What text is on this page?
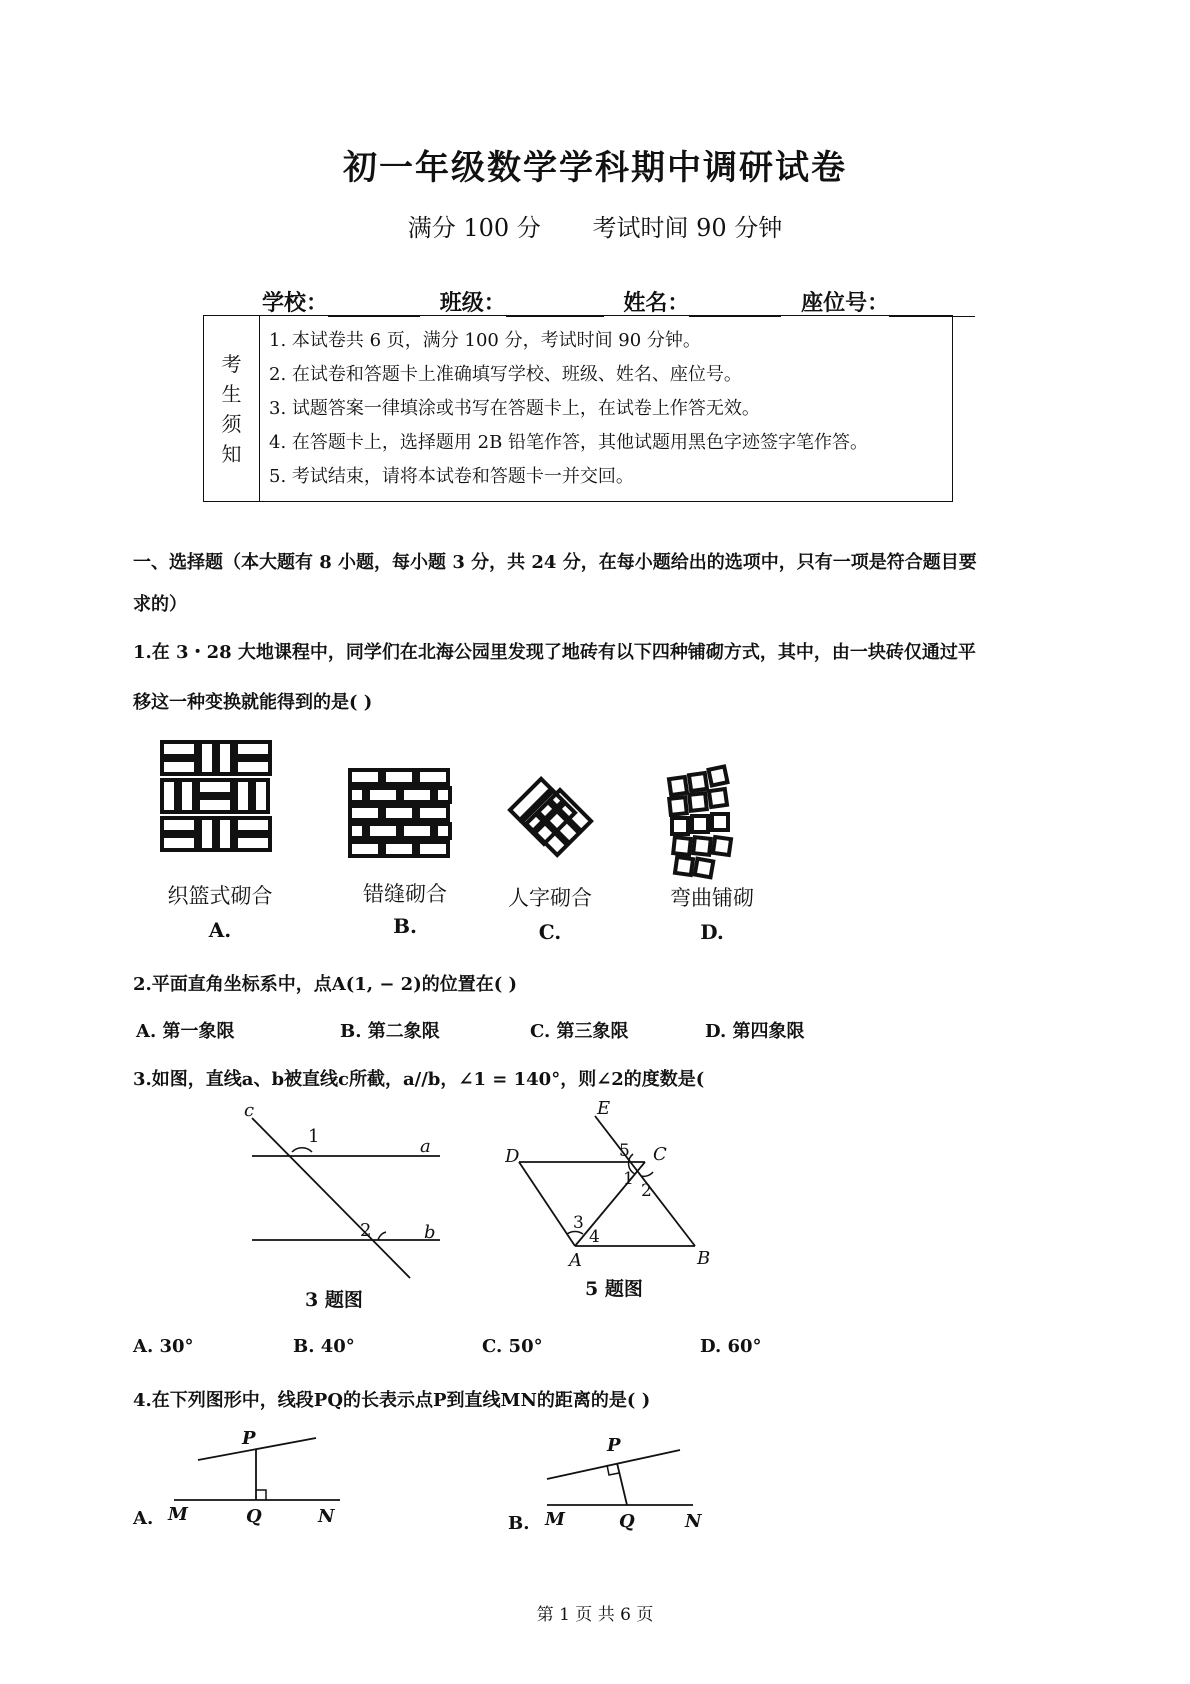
初一年级数学学科期中调研试卷
满分 100 分 考试时间 90 分钟
学校：	班级：	姓名：	座位号：
考
生
须
知
1. 本试卷共 6 页，满分 100 分，考试时间 90 分钟。
2. 在试卷和答题卡上准确填写学校、班级、姓名、座位号。
3. 试题答案一律填涂或书写在答题卡上，在试卷上作答无效。
4. 在答题卡上，选择题用 2B 铅笔作答，其他试题用黑色字迹签字笔作答。
5. 考试结束，请将本试卷和答题卡一并交回。
一、选择题（本大题有 8 小题，每小题 3 分，共 24 分，在每小题给出的选项中，只有一项是符合题目要
求的）
1.在 3・28 大地课程中，同学们在北海公园里发现了地砖有以下四种铺砌方式，其中，由一块砖仅通过平
移这一种变换就能得到的是( )
织篮式砌合
A.
错缝砌合
B.
人字砌合
C.
弯曲铺砌
D.
2.平面直角坐标系中，点A(1, − 2)的位置在( )
A. 第一象限	B. 第二象限	C. 第三象限	D. 第四象限
3.如图，直线a、b被直线c所截，a//b，∠1 = 140°，则∠2的度数是(
c
1	a
2	b
3 题图
E
D	C
5
1
2
3
4
A	B
5 题图
A. 30°	B. 40°	C. 50°	D. 60°
4.在下列图形中，线段PQ的长表示点P到直线MN的距离的是( )
P
M	Q	N
A.
P
M	Q	N
B.
第 1 页 共 6 页
